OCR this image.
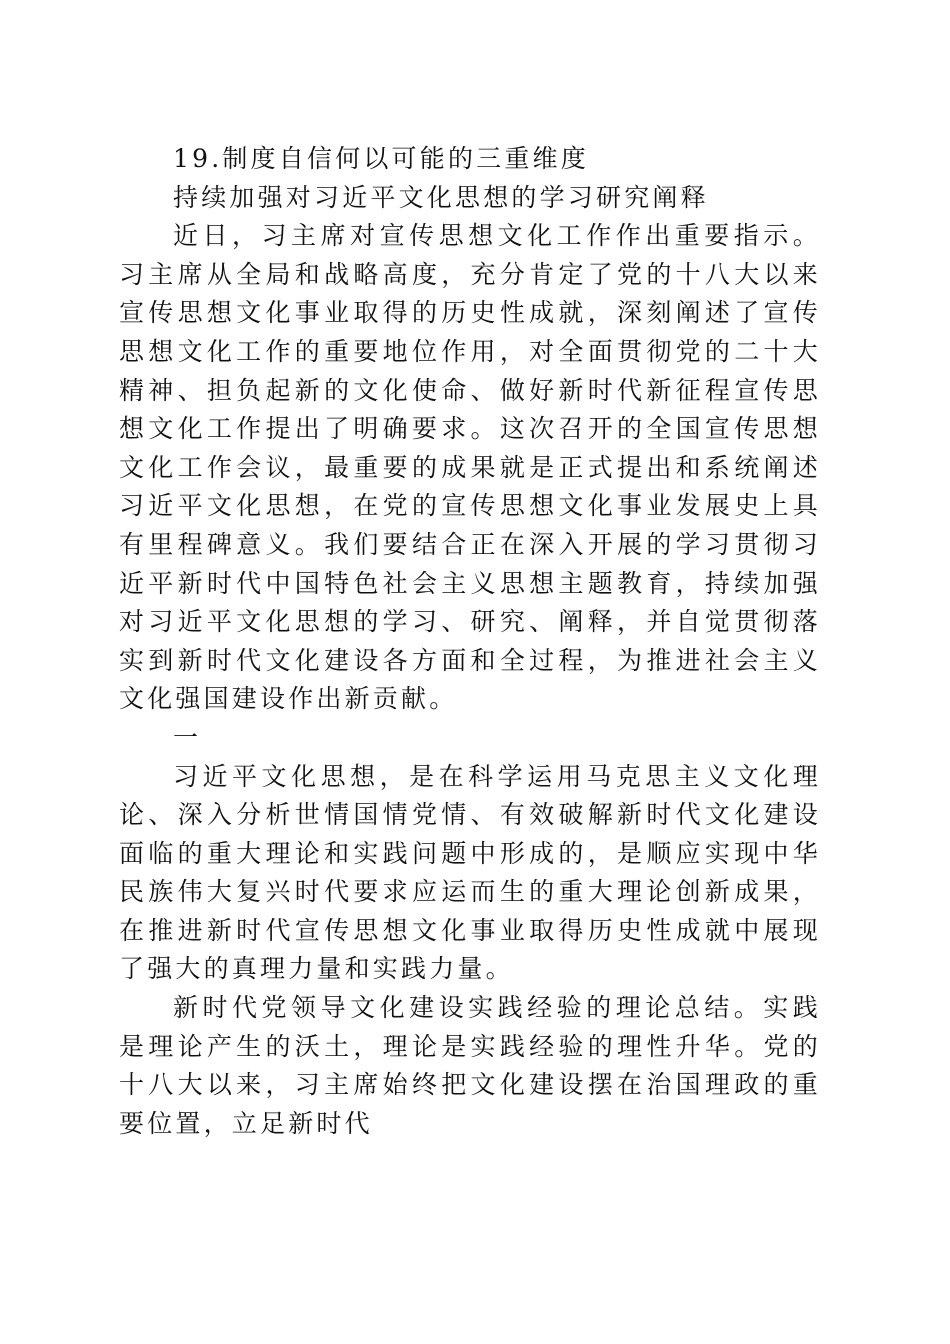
19.制度自信何以可能的三重维度

持续加强对习近平文化思想的学习研究阐释

近日，习主席对宣传思想文化工作作出重要指示。习主席从全局和战略高度，充分肯定了党的十八大以来宣传思想文化事业取得的历史性成就，深刻阐述了宣传思想文化工作的重要地位作用，对全面贯彻党的二十大精神、担负起新的文化使命、做好新时代新征程宣传思想文化工作提出了明确要求。这次召开的全国宣传思想文化工作会议，最重要的成果就是正式提出和系统阐述习近平文化思想，在党的宣传思想文化事业发展史上具有里程碑意义。我们要结合正在深入开展的学习贯彻习近平新时代中国特色社会主义思想主题教育，持续加强对习近平文化思想的学习、研究、阐释，并自觉贯彻落实到新时代文化建设各方面和全过程，为推进社会主义文化强国建设作出新贡献。

一

习近平文化思想，是在科学运用马克思主义文化理论、深入分析世情国情党情、有效破解新时代文化建设面临的重大理论和实践问题中形成的，是顺应实现中华民族伟大复兴时代要求应运而生的重大理论创新成果，在推进新时代宣传思想文化事业取得历史性成就中展现了强大的真理力量和实践力量。

新时代党领导文化建设实践经验的理论总结。实践是理论产生的沃土，理论是实践经验的理性升华。党的十八大以来，习主席始终把文化建设摆在治国理政的重要位置，立足新时代
